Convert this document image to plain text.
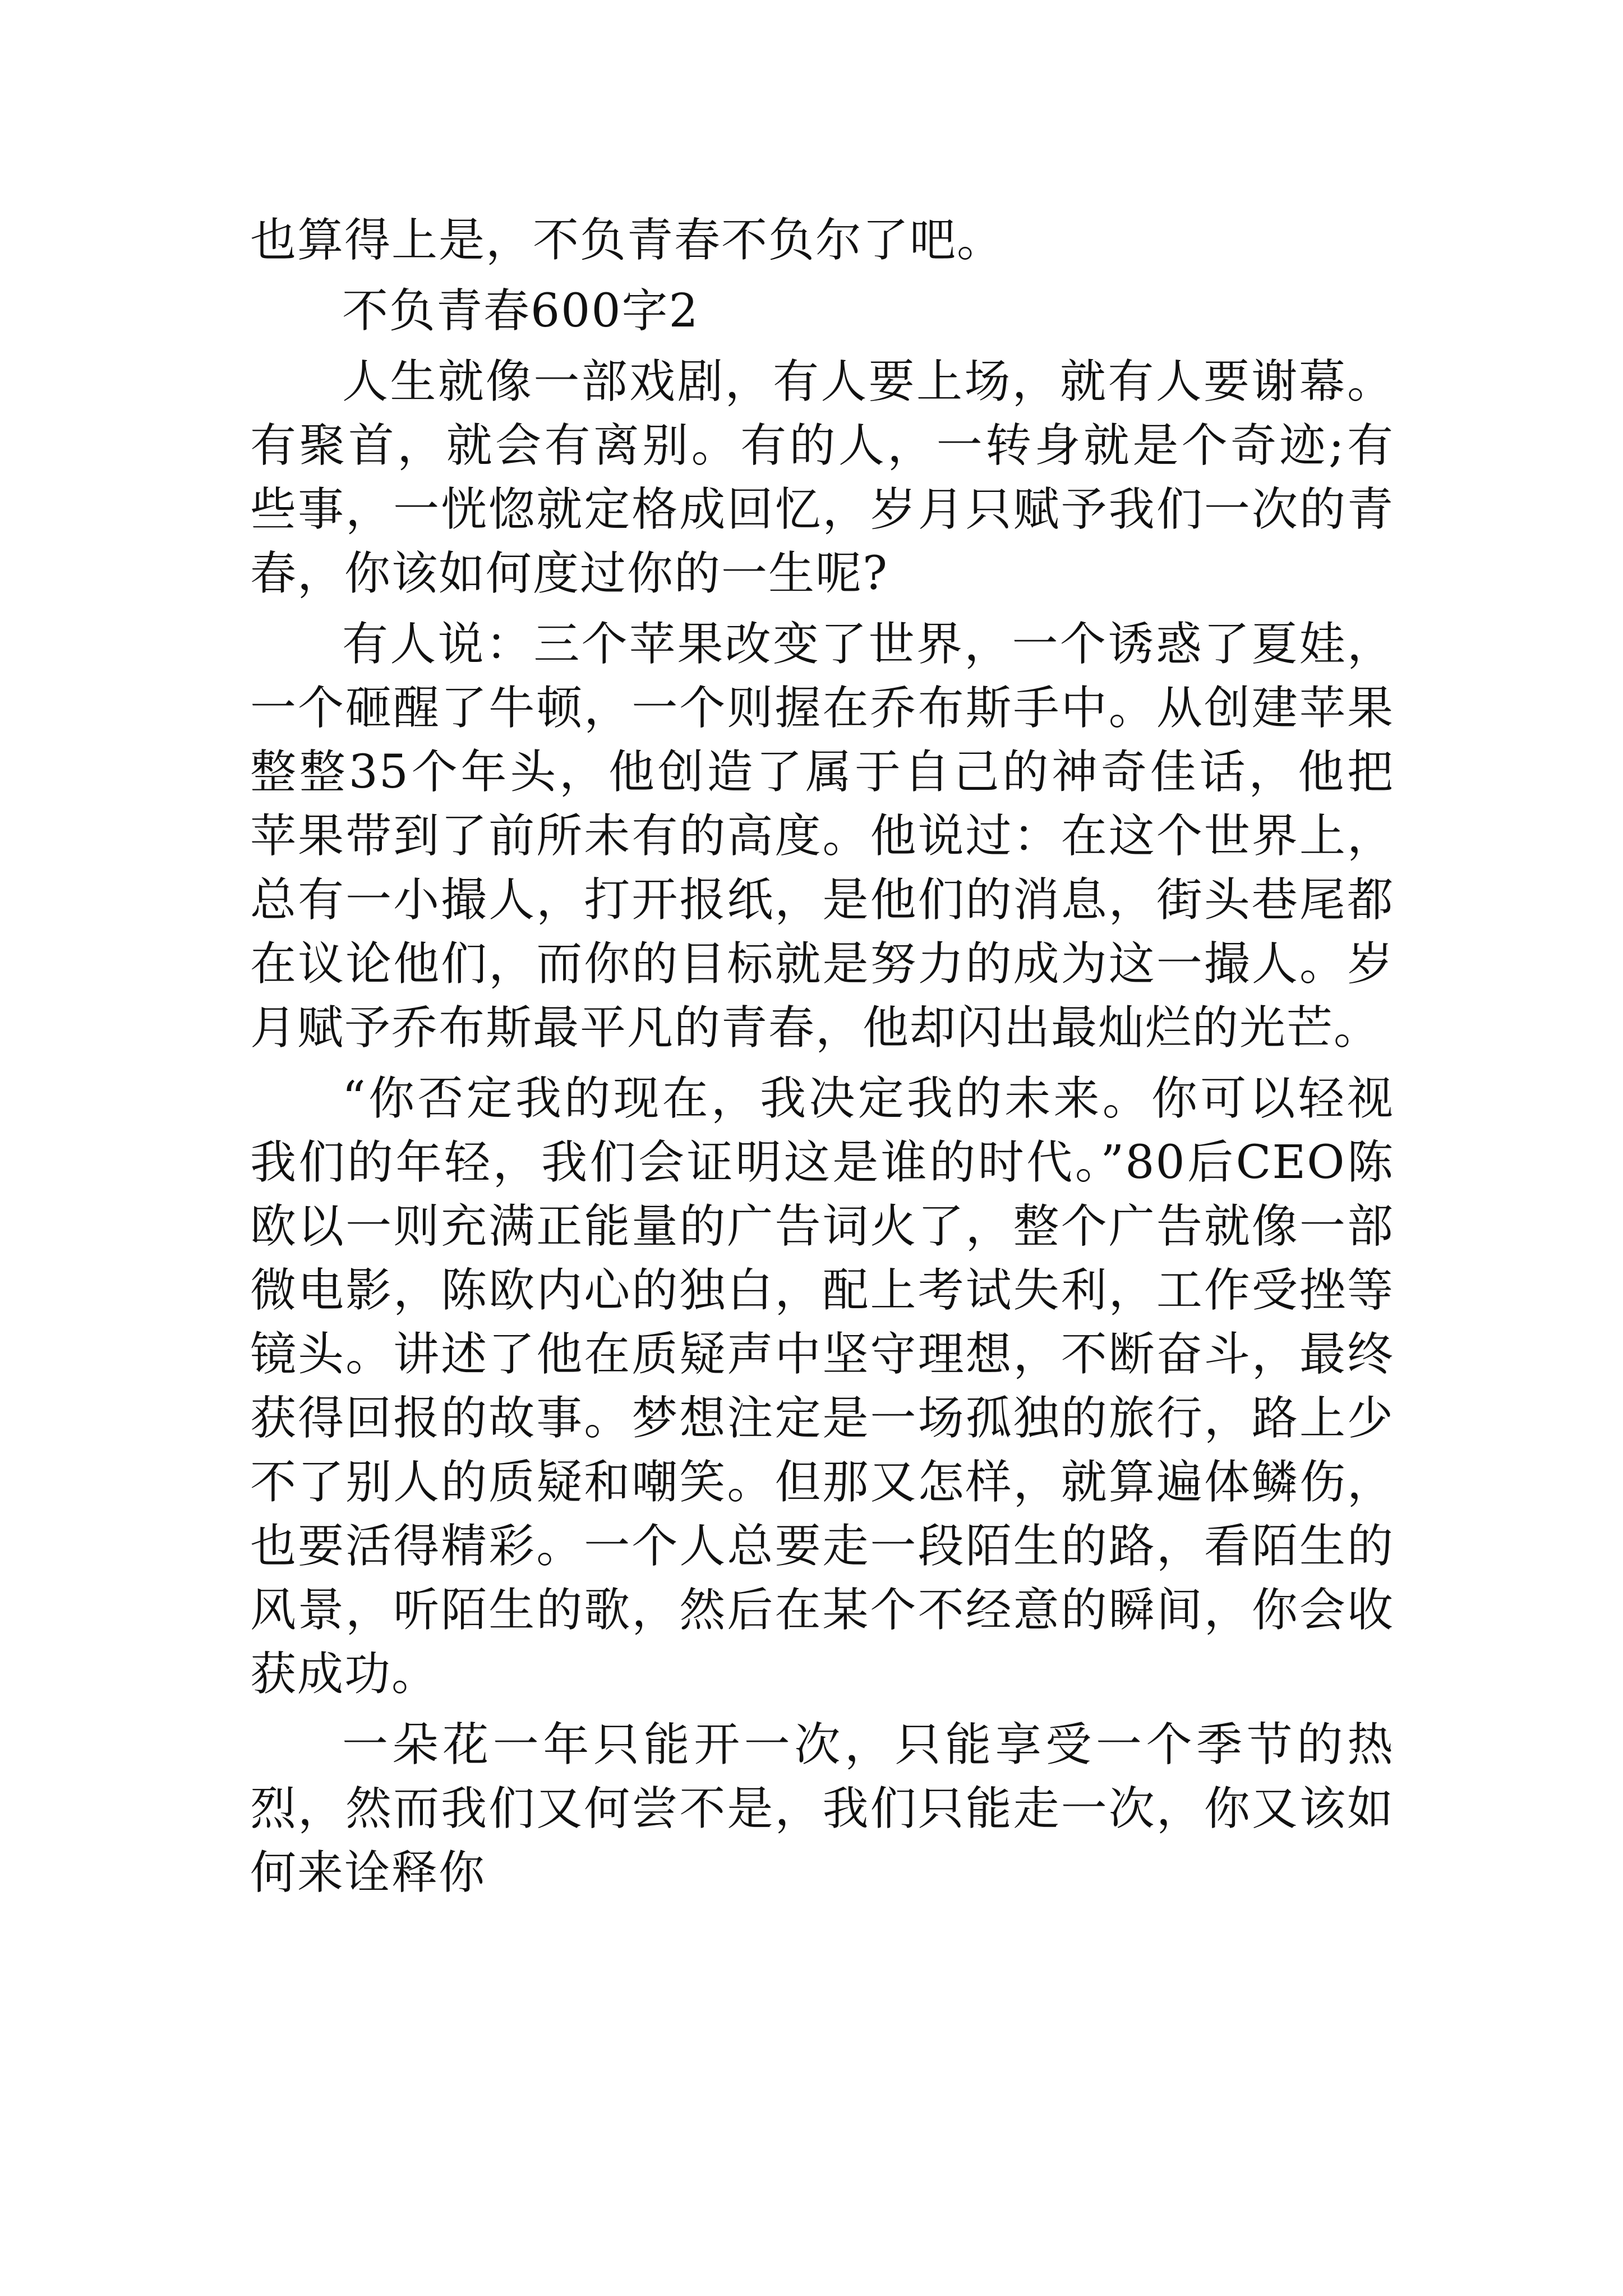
也算得上是，不负青春不负尔了吧。

不负青春600字2

人生就像一部戏剧，有人要上场，就有人要谢幕。有聚首，就会有离别。有的人，一转身就是个奇迹;有些事，一恍惚就定格成回忆，岁月只赋予我们一次的青春，你该如何度过你的一生呢?

有人说：三个苹果改变了世界，一个诱惑了夏娃，一个砸醒了牛顿，一个则握在乔布斯手中。从创建苹果整整35个年头，他创造了属于自己的神奇佳话，他把苹果带到了前所未有的高度。他说过：在这个世界上，总有一小撮人，打开报纸，是他们的消息，街头巷尾都在议论他们，而你的目标就是努力的成为这一撮人。岁月赋予乔布斯最平凡的青春，他却闪出最灿烂的光芒。

“你否定我的现在，我决定我的未来。你可以轻视我们的年轻，我们会证明这是谁的时代。”80后CEO陈欧以一则充满正能量的广告词火了，整个广告就像一部微电影，陈欧内心的独白，配上考试失利，工作受挫等镜头。讲述了他在质疑声中坚守理想，不断奋斗，最终获得回报的故事。梦想注定是一场孤独的旅行，路上少不了别人的质疑和嘲笑。但那又怎样，就算遍体鳞伤，也要活得精彩。一个人总要走一段陌生的路，看陌生的风景，听陌生的歌，然后在某个不经意的瞬间，你会收获成功。

一朵花一年只能开一次，只能享受一个季节的热烈，然而我们又何尝不是，我们只能走一次，你又该如何来诠释你
